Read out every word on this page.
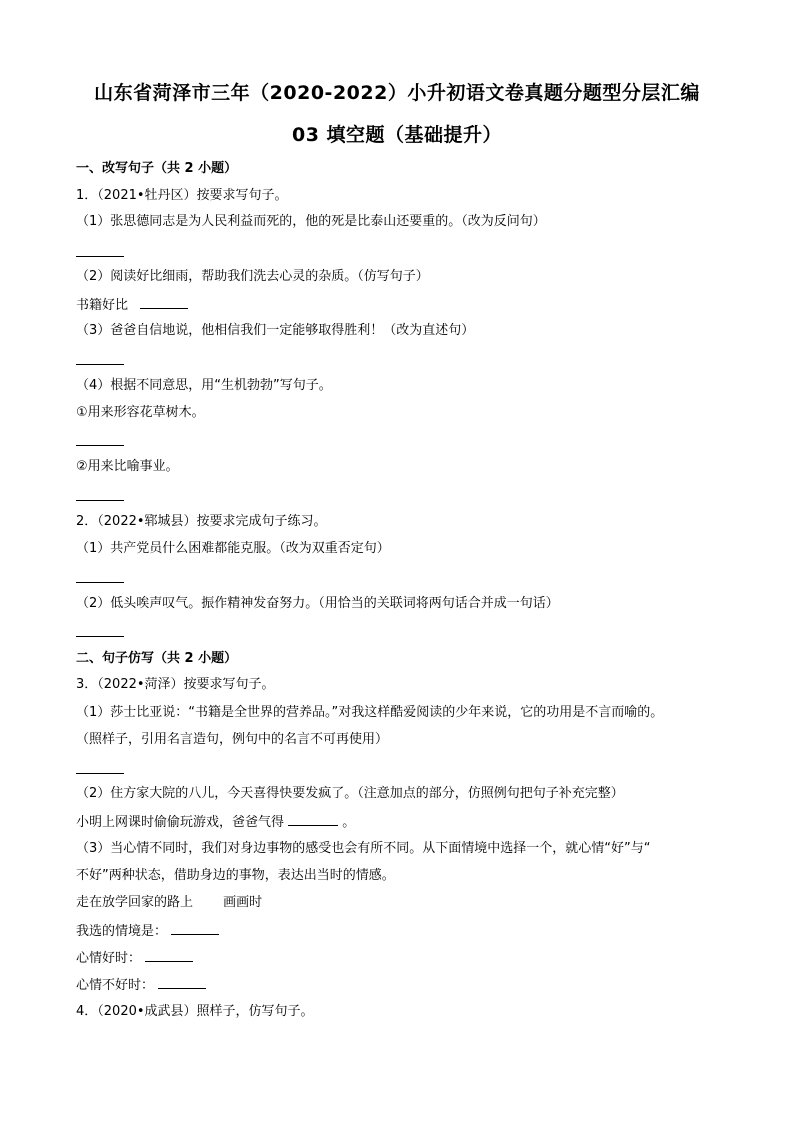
山东省菏泽市三年（2020-2022）小升初语文卷真题分题型分层汇编
03 填空题（基础提升）
一、改写句子（共 2 小题）
1．（2021•牡丹区）按要求写句子。
（1）张思德同志是为人民利益而死的，他的死是比泰山还要重的。（改为反问句）
（2）阅读好比细雨，帮助我们洗去心灵的杂质。（仿写句子）
书籍好比
（3）爸爸自信地说，他相信我们一定能够取得胜利！（改为直述句）
（4）根据不同意思，用“生机勃勃”写句子。
①用来形容花草树木。
②用来比喻事业。
2．（2022•郓城县）按要求完成句子练习。
（1）共产党员什么困难都能克服。（改为双重否定句）
（2）低头唉声叹气。振作精神发奋努力。（用恰当的关联词将两句话合并成一句话）
二、句子仿写（共 2 小题）
3．（2022•菏泽）按要求写句子。
（1）莎士比亚说：“书籍是全世界的营养品。”对我这样酷爱阅读的少年来说，它的功用是不言而喻的。
（照样子，引用名言造句，例句中的名言不可再使用）
（2）住方家大院的八儿，今天喜得快要发疯了。（注意加点的部分，仿照例句把句子补充完整）
小明上网课时偷偷玩游戏，爸爸气得	。
（3）当心情不同时，我们对身边事物的感受也会有所不同。从下面情境中选择一个，就心情“好”与“
不好”两种状态，借助身边的事物，表达出当时的情感。
走在放学回家的路上 画画时
我选的情境是：
心情好时：
心情不好时：
4．（2020•成武县）照样子，仿写句子。
